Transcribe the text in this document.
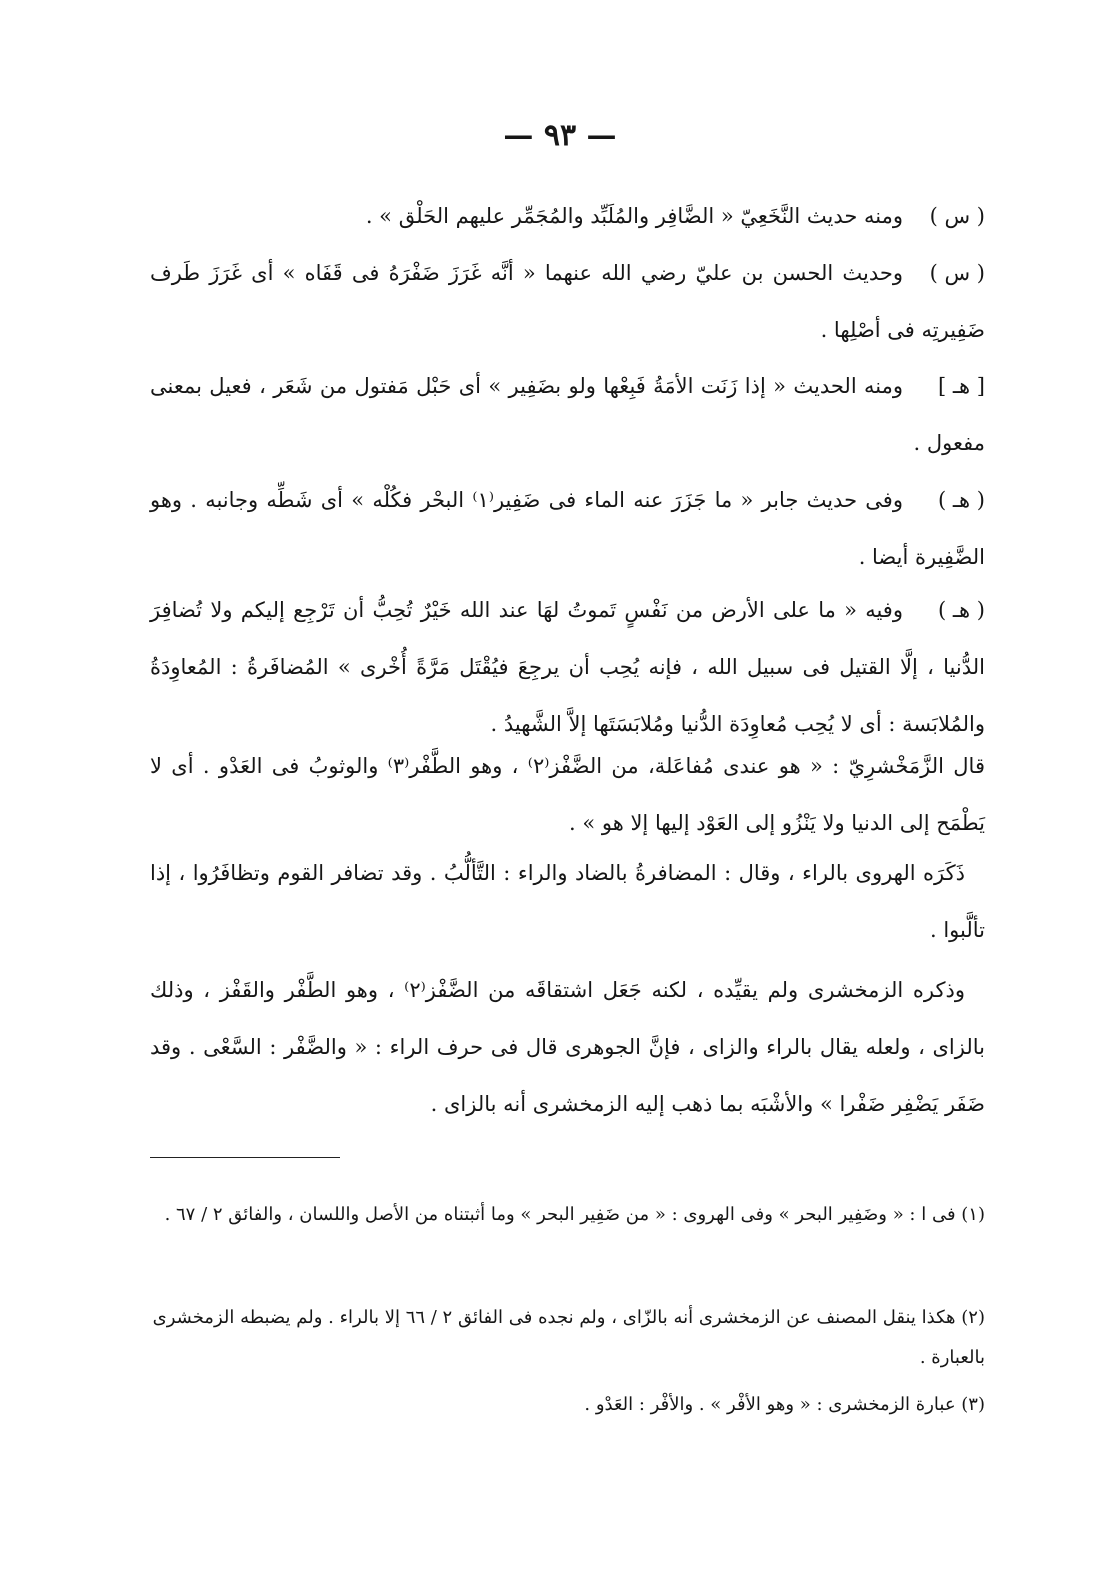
— ٩٣ —
( س )ومنه حديث النَّخَعِيّ « الضَّافِر والمُلَبِّد والمُجَمِّر عليهم الحَلْق » .
( س )وحديث الحسن بن عليّ رضي الله عنهما « أنَّه غَرَزَ ضَفْرَهُ فى قَفَاه » أى غَرَزَ طَرف ضَفِيرتِه فى أصْلِها .
[ هـ ]ومنه الحديث « إذا زَنَت الأمَةُ فَبِعْها ولو بضَفِير » أى حَبْل مَفتول من شَعَر ، فعيل بمعنى مفعول .
( هـ )وفى حديث جابر « ما جَزَرَ عنه الماء فى ضَفِير⁽١⁾ البحْر فكُلْه » أى شَطِّه وجانبه . وهو الضَّفِيرة أيضا .
( هـ )وفيه « ما على الأرض من نَفْسٍ تَموتُ لهَا عند الله خَيْرٌ تُحِبُّ أن تَرْجِع إليكم ولا تُضافِرَ الدُّنيا ، إلَّا القتيل فى سبيل الله ، فإنه يُحِب أن يرجِعَ فيُقْتَل مَرَّةً أُخْرى » المُضافَرةُ : المُعاوِدَةُ والمُلابَسة : أى لا يُحِب مُعاوِدَة الدُّنيا ومُلابَسَتَها إلاَّ الشَّهيدُ .
قال الزَّمَخْشرِيّ : « هو عندى مُفاعَلة، من الضَّفْز⁽٢⁾ ، وهو الطَّفْر⁽٣⁾ والوثوبُ فى العَدْو . أى لا يَطْمَح إلى الدنيا ولا يَنْزُو إلى العَوْد إليها إلا هو » .
ذَكَرَه الهروى بالراء ، وقال : المضافرةُ بالضاد والراء : التَّألُّبُ . وقد تضافر القوم وتظافَرُوا ، إذا تألَّبوا .
وذكره الزمخشرى ولم يقيِّده ، لكنه جَعَل اشتقاقَه من الضَّفْز⁽٢⁾ ، وهو الطَّفْر والقَفْز ، وذلك بالزاى ، ولعله يقال بالراء والزاى ، فإنَّ الجوهرى قال فى حرف الراء : « والضَّفْر : السَّعْى . وقد ضَفَر يَضْفِر ضَفْرا » والأشْبَه بما ذهب إليه الزمخشرى أنه بالزاى .
(١) فى ا : « وضَفِير البحر » وفى الهروى : « من ضَفِير البحر » وما أثبتناه من الأصل واللسان ، والفائق ٢ / ٦٧ .
(٢) هكذا ينقل المصنف عن الزمخشرى أنه بالزّاى ، ولم نجده فى الفائق ٢ / ٦٦ إلا بالراء . ولم يضبطه الزمخشرى بالعبارة .
(٣) عبارة الزمخشرى : « وهو الأفْر » . والأفْر : العَدْو .
